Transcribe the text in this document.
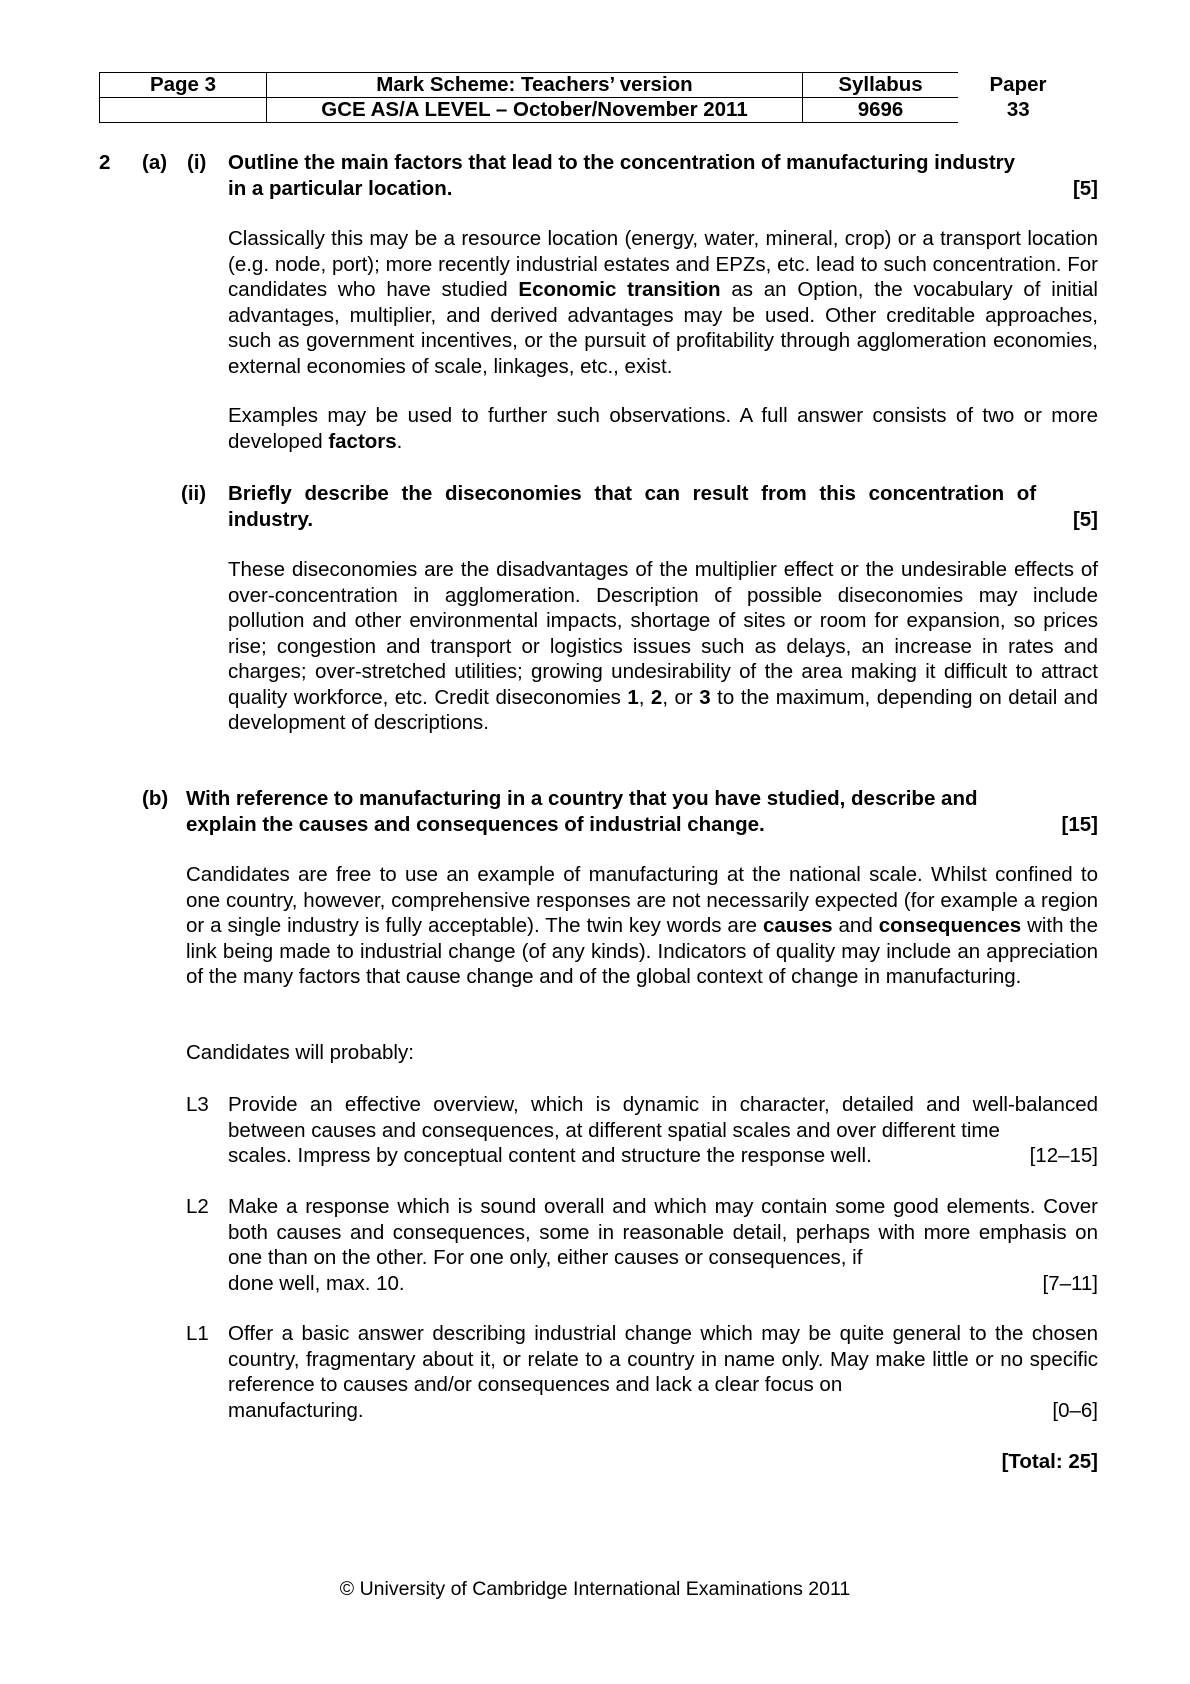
Page 3	Mark Scheme: Teachers’ version	Syllabus	Paper
	GCE AS/A LEVEL – October/November 2011	9696	33
2 (a) (i) Outline the main factors that lead to the concentration of manufacturing industry
in a particular location.	[5]
Classically this may be a resource location (energy, water, mineral, crop) or a transport location (e.g. node, port); more recently industrial estates and EPZs, etc. lead to such concentration. For candidates who have studied Economic transition as an Option, the vocabulary of initial advantages, multiplier, and derived advantages may be used. Other creditable approaches, such as government incentives, or the pursuit of profitability through agglomeration economies, external economies of scale, linkages, etc., exist.
Examples may be used to further such observations. A full answer consists of two or more developed factors.
(ii) Briefly describe the diseconomies that can result from this concentration of
industry.	[5]
These diseconomies are the disadvantages of the multiplier effect or the undesirable effects of over-concentration in agglomeration. Description of possible diseconomies may include pollution and other environmental impacts, shortage of sites or room for expansion, so prices rise; congestion and transport or logistics issues such as delays, an increase in rates and charges; over-stretched utilities; growing undesirability of the area making it difficult to attract quality workforce, etc. Credit diseconomies 1, 2, or 3 to the maximum, depending on detail and development of descriptions.
(b) With reference to manufacturing in a country that you have studied, describe and
explain the causes and consequences of industrial change.	[15]
Candidates are free to use an example of manufacturing at the national scale. Whilst confined to one country, however, comprehensive responses are not necessarily expected (for example a region or a single industry is fully acceptable). The twin key words are causes and consequences with the link being made to industrial change (of any kinds). Indicators of quality may include an appreciation of the many factors that cause change and of the global context of change in manufacturing.
Candidates will probably:
L3 Provide an effective overview, which is dynamic in character, detailed and well-balanced between causes and consequences, at different spatial scales and over different time
scales. Impress by conceptual content and structure the response well.	[12–15]
L2 Make a response which is sound overall and which may contain some good elements. Cover both causes and consequences, some in reasonable detail, perhaps with more emphasis on one than on the other. For one only, either causes or consequences, if
done well, max. 10.	[7–11]
L1 Offer a basic answer describing industrial change which may be quite general to the chosen country, fragmentary about it, or relate to a country in name only. May make little or no specific reference to causes and/or consequences and lack a clear focus on
manufacturing.	[0–6]
[Total: 25]
© University of Cambridge International Examinations 2011
